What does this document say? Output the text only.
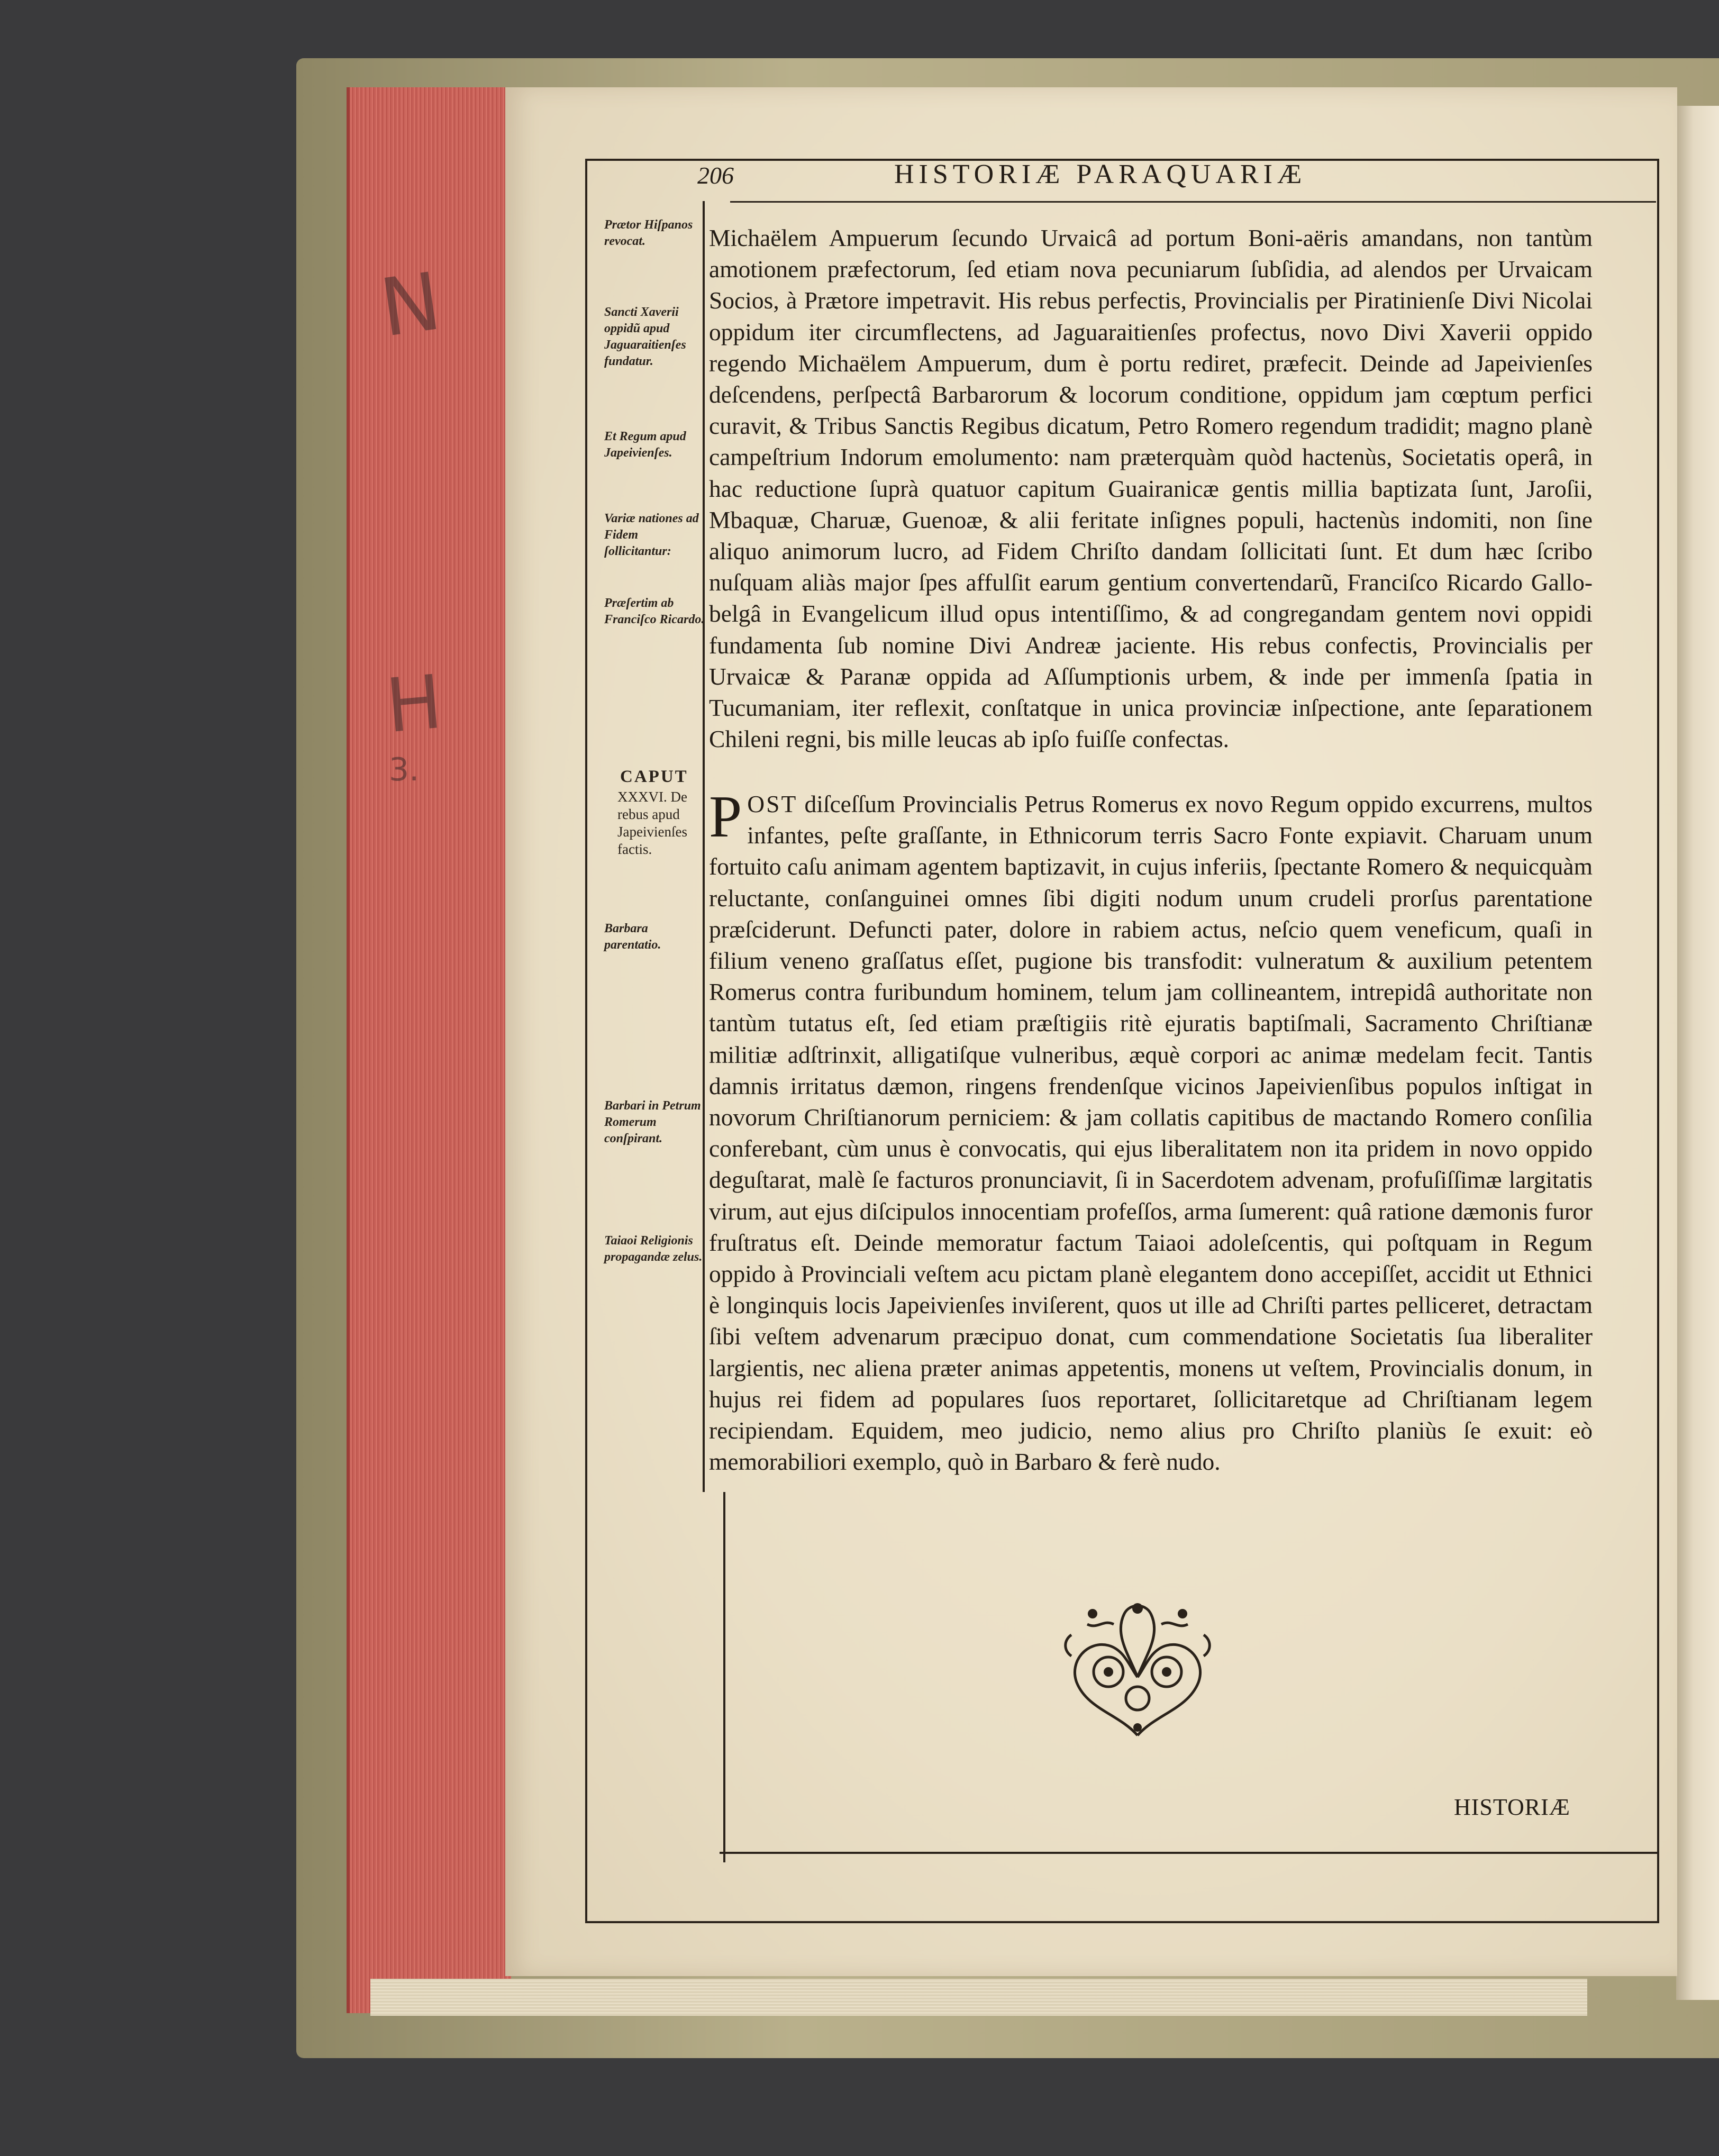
N
H
3.
206	HISTORIÆ PARAQUARIÆ

Prætor Hiſpanos revocat.

Sancti Xaverii oppidũ apud Jaguaraitienſes fundatur.

Et Regum apud Japeivienſes.

Variæ nationes ad Fidem ſollicitantur:

Præſertim ab Franciſco Ricardo.

CAPUT

XXXVI. De rebus apud Japeivienſes factis.

Barbara parentatio.

Barbari in Petrum Romerum conſpirant.

Taiaoi Religionis propagandæ zelus.

Michaëlem Ampuerum ſecundo Urvaicâ ad portum Boni-aëris amandans, non tantùm amotionem præfectorum, ſed etiam nova pecuniarum ſubſidia, ad alendos per Urvaicam Socios, à Prætore impetravit. His rebus perfectis, Provincialis per Piratinienſe Divi Nicolai oppidum iter circumflectens, ad Jaguaraitienſes profectus, novo Divi Xaverii oppido regendo Michaëlem Ampuerum, dum è portu rediret, præfecit. Deinde ad Japeivienſes deſcendens, perſpectâ Barbarorum & locorum conditione, oppidum jam cœptum perfici curavit, & Tribus Sanctis Regibus dicatum, Petro Romero regendum tradidit; magno planè campeſtrium Indorum emolumento: nam præterquàm quòd hactenùs, Societatis operâ, in hac reductione ſuprà quatuor capitum Guairanicæ gentis millia baptizata ſunt, Jaroſii, Mbaquæ, Charuæ, Guenoæ, & alii feritate inſignes populi, hactenùs indomiti, non ſine aliquo animorum lucro, ad Fidem Chriſto dandam ſollicitati ſunt. Et dum hæc ſcribo nuſquam aliàs major ſpes affulſit earum gentium convertendarũ, Franciſco Ricardo Gallo-belgâ in Evangelicum illud opus intentiſſimo, & ad congregandam gentem novi oppidi fundamenta ſub nomine Divi Andreæ jaciente. His rebus confectis, Provincialis per Urvaicæ & Paranæ oppida ad Aſſumptionis urbem, & inde per immenſa ſpatia in Tucumaniam, iter reflexit, conſtatque in unica provinciæ inſpectione, ante ſeparationem Chileni regni, bis mille leucas ab ipſo fuiſſe confectas.

POST diſceſſum Provincialis Petrus Romerus ex novo Regum oppido excurrens, multos infantes, peſte graſſante, in Ethnicorum terris Sacro Fonte expiavit. Charuam unum fortuito caſu animam agentem baptizavit, in cujus inferiis, ſpectante Romero & nequicquàm reluctante, conſanguinei omnes ſibi digiti nodum unum crudeli prorſus parentatione præſciderunt. Defuncti pater, dolore in rabiem actus, neſcio quem veneficum, quaſi in filium veneno graſſatus eſſet, pugione bis transfodit: vulneratum & auxilium petentem Romerus contra furibundum hominem, telum jam collineantem, intrepidâ authoritate non tantùm tutatus eſt, ſed etiam præſtigiis ritè ejuratis baptiſmali, Sacramento Chriſtianæ militiæ adſtrinxit, alligatiſque vulneribus, æquè corpori ac animæ medelam fecit. Tantis damnis irritatus dæmon, ringens frendenſque vicinos Japeivienſibus populos inſtigat in novorum Chriſtianorum perniciem: & jam collatis capitibus de mactando Romero conſilia conferebant, cùm unus è convocatis, qui ejus liberalitatem non ita pridem in novo oppido deguſtarat, malè ſe facturos pronunciavit, ſi in Sacerdotem advenam, profuſiſſimæ largitatis virum, aut ejus diſcipulos innocentiam profeſſos, arma ſumerent: quâ ratione dæmonis furor fruſtratus eſt. Deinde memoratur factum Taiaoi adoleſcentis, qui poſtquam in Regum oppido à Provinciali veſtem acu pictam planè elegantem dono accepiſſet, accidit ut Ethnici è longinquis locis Japeivienſes inviſerent, quos ut ille ad Chriſti partes pelliceret, detractam ſibi veſtem advenarum præcipuo donat, cum commendatione Societatis ſua liberaliter largientis, nec aliena præter animas appetentis, monens ut veſtem, Provincialis donum, in hujus rei fidem ad populares ſuos reportaret, ſollicitaretque ad Chriſtianam legem recipiendam. Equidem, meo judicio, nemo alius pro Chriſto planiùs ſe exuit: eò memorabiliori exemplo, quò in Barbaro & ferè nudo.
HISTORIÆ
